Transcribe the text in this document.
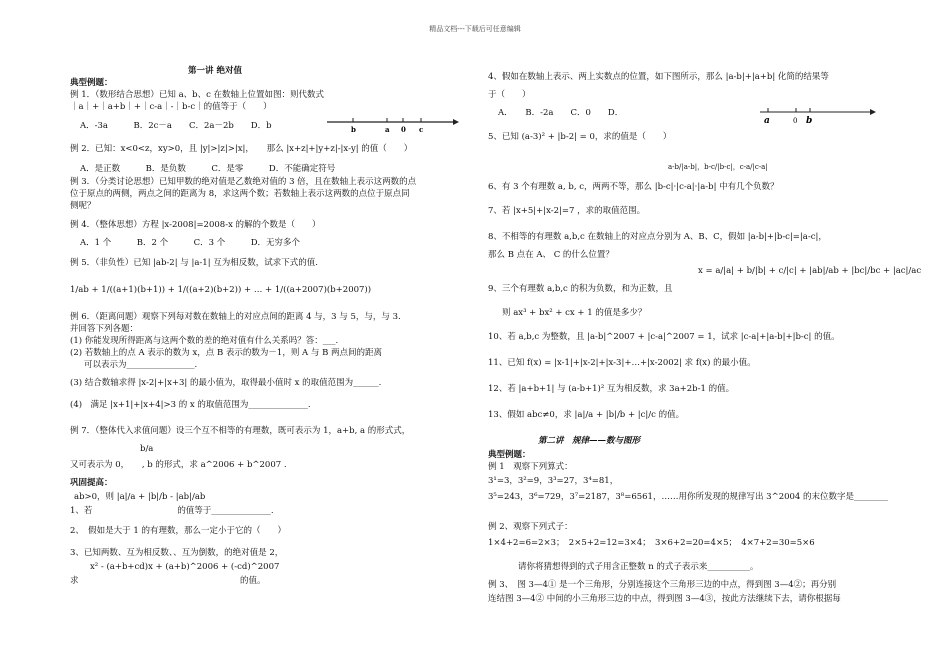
精品文档---下载后可任意编辑
第一讲 绝对值
典型例题：
例 1．（数形结合思想）已知 a、b、c 在数轴上位置如图：则代数式
｜a｜+｜a+b｜+｜c-a｜-｜b-c｜的值等于（　　）
A．-3a　　　B．2c－a　　C．2a－2b　　D．b	b	a 0 c
例 2．已知：x<0<z，xy>0，且 |y|>|z|>|x|，　　那么 |x+z|+|y+z|-|x-y| 的值（　　）
A．是正数　　　B．是负数　　　C．是零　　　D．不能确定符号
例 3．（分类讨论思想）已知甲数的绝对值是乙数绝对值的 3 倍，且在数轴上表示这两数的点
位于原点的两侧，两点之间的距离为 8，求这两个数；若数轴上表示这两数的点位于原点同
侧呢？
例 4．（整体思想）方程 |x-2008|=2008-x 的解的个数是（　　）
A．1 个　　　B．2 个　　　C．3 个　　　D．无穷多个
例 5．（非负性）已知 |ab-2| 与 |a-1| 互为相反数，试求下式的值.
1/ab + 1/((a+1)(b+1)) + 1/((a+2)(b+2)) + … + 1/((a+2007)(b+2007))
例 6．（距离问题）观察下列每对数在数轴上的对应点间的距离 4 与，3 与 5，与，与 3.
并回答下列各题：
(1) 你能发现所得距离与这两个数的差的绝对值有什么关系吗？答：___.
(2) 若数轴上的点 A 表示的数为 x，点 B 表示的数为－1，则 A 与 B 两点间的距离
可以表示为________________.
(3) 结合数轴求得 |x-2|+|x+3| 的最小值为，取得最小值时 x 的取值范围为______.
(4)　满足 |x+1|+|x+4|>3 的 x 的取值范围为______________.
例 7．（整体代入求值问题）设三个互不相等的有理数，既可表示为 1，a+b, a 的形式式，
b/a
又可表示为 0，　　, b 的形式，求 a^2006 + b^2007 .
巩固提高：
ab>0，则 |a|/a + |b|/b - |ab|/ab
1、若　　　　　　　　　　的值等于______________.
2、　假如是大于 1 的有理数，那么一定小于它的（　　）
3、已知两数、互为相反数、、互为倒数，的绝对值是 2，
x² - (a+b+cd)x + (a+b)^2006 + (-cd)^2007
求　　　　　　　　　　　　　　　　　　　的值。
4、假如在数轴上表示、两上实数点的位置，如下图所示，那么 |a-b|+|a+b| 化简的结果等
于（　　）
A．　　B．-2a　　C．0　　D．
a	0 b
5、已知 (a-3)² + |b-2| = 0，求的值是（　　）
a-b/|a-b|，b-c/|b-c|，c-a/|c-a|
6、有 3 个有理数 a, b, c，两两不等，那么 |b-c|·|c-a|·|a-b| 中有几个负数？
7、若 |x+5|+|x-2|=7 ，求的取值范围。
8、不相等的有理数 a,b,c 在数轴上的对应点分别为 A、B、C，假如 |a-b|+|b-c|=|a-c|，
那么 B 点在 A、 C 的什么位置？
x = a/|a| + b/|b| + c/|c| + |ab|/ab + |bc|/bc + |ac|/ac
9、三个有理数 a,b,c 的积为负数，和为正数，且
则 ax³ + bx² + cx + 1 的值是多少？
10、若 a,b,c 为整数，且 |a-b|^2007 + |c-a|^2007 = 1，试求 |c-a|+|a-b|+|b-c| 的值。
11、已知 f(x) = |x-1|+|x-2|+|x-3|+…+|x-2002| 求 f(x) 的最小值。
12、若 |a+b+1| 与 (a-b+1)² 互为相反数，求 3a+2b-1 的值。
13、假如 abc≠0，求 |a|/a + |b|/b + |c|/c 的值。
第二讲　规律——数与图形
典型例题：
例 1　观察下列算式：
3¹=3，3²=9，3³=27，3⁴=81，
3⁵=243，3⁶=729，3⁷=2187，3⁸=6561，……用你所发现的规律写出 3^2004 的末位数字是________
例 2、观察下列式子：
1×4+2=6=2×3；　2×5+2=12=3×4；　3×6+2=20=4×5；　4×7+2=30=5×6
请你将猜想得到的式子用含正整数 n 的式子表示来__________。
例 3、　图 3—4① 是一个三角形，分别连接这个三角形三边的中点，得到图 3—4②；再分别
连结图 3—4② 中间的小三角形三边的中点，得到图 3—4③，按此方法继续下去，请你根据每
